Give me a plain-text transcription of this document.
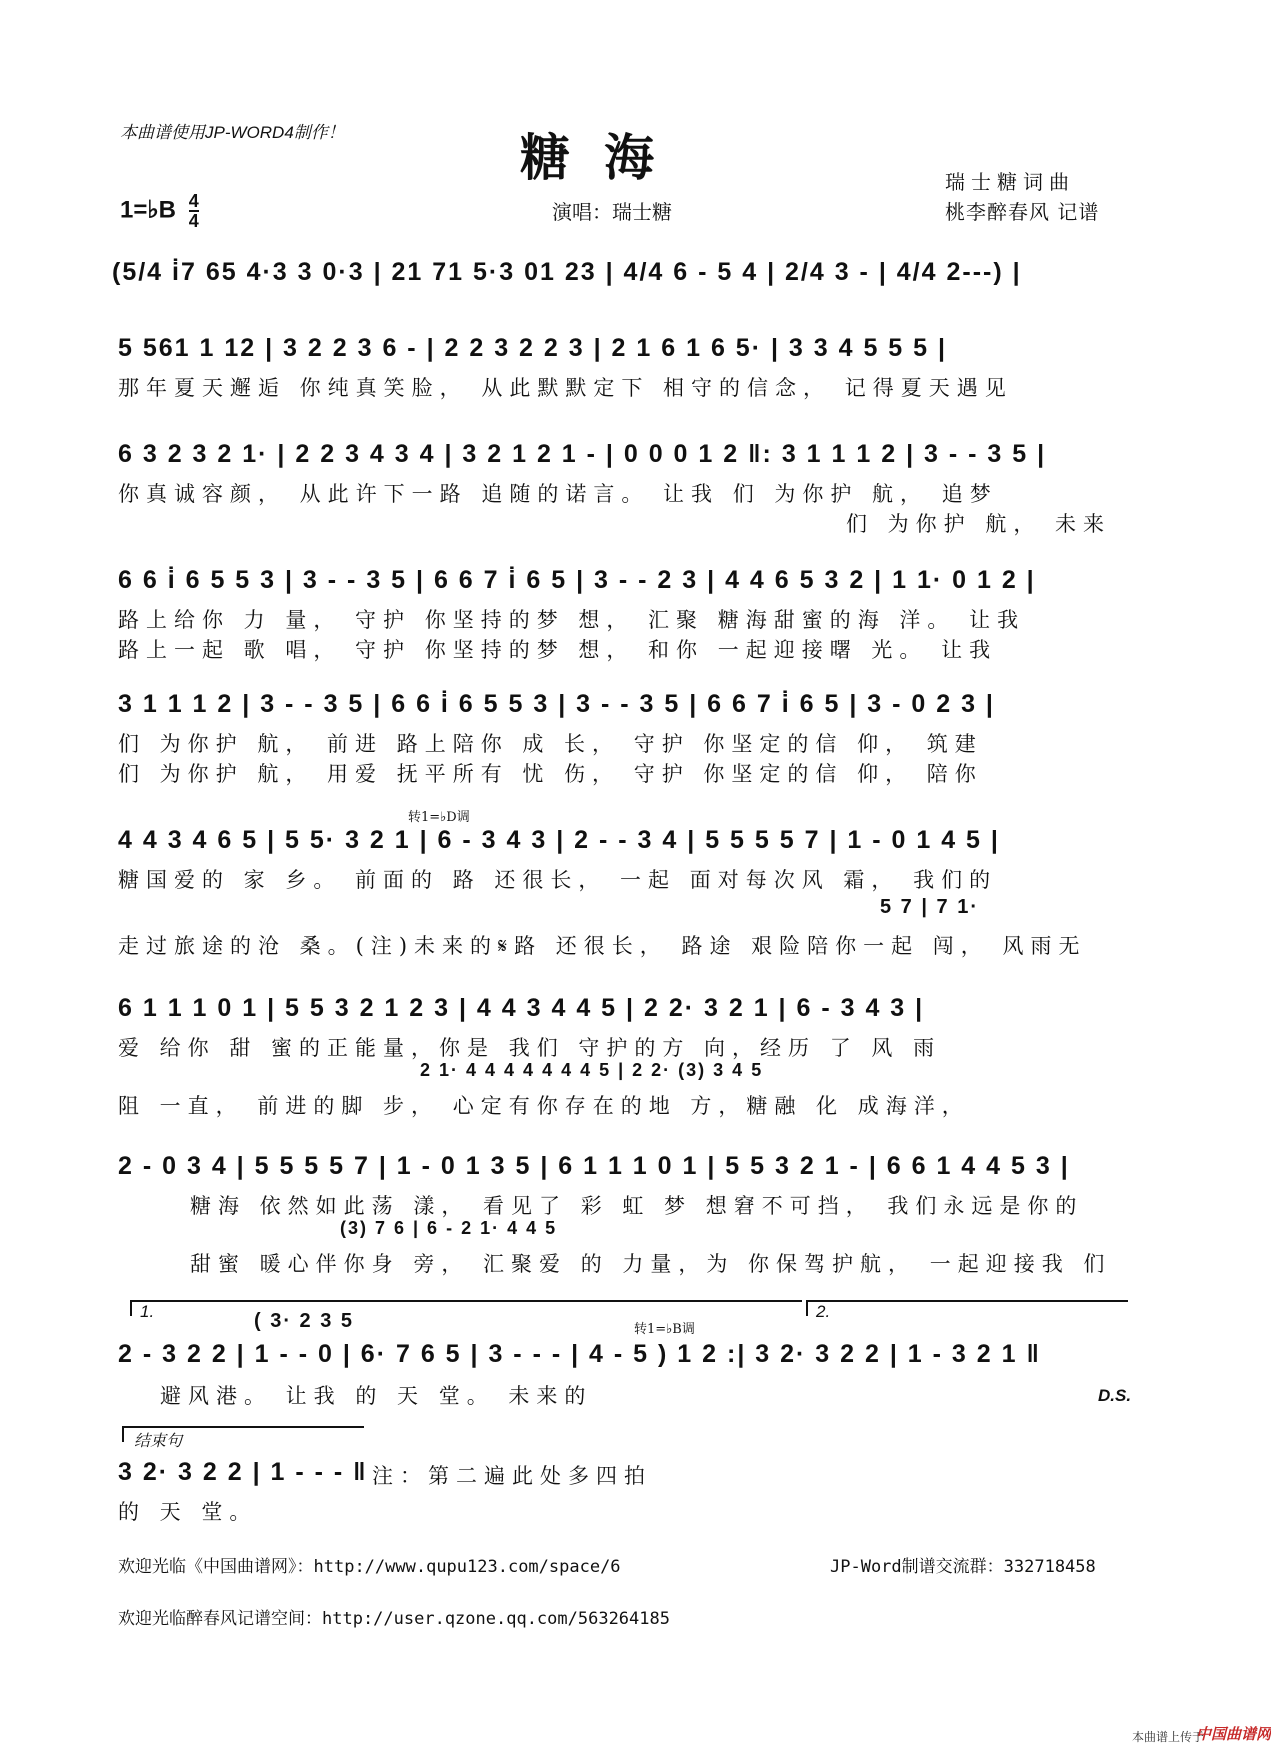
本曲谱使用JP-WORD4制作！	糖海	瑞士糖词曲
桃李醉春风 记谱
演唱：瑞士糖
1=♭B $\frac{4}{4}$
(5/4 i̇7 65 4·3 3 0·3 | 21 71 5·3 01 23 | 4/4 6 - 5 4 | 2/4 3 - | 4/4 2---) |
5 561 1 12 | 3 2 2 3 6 - | 2 2 3 2 2 3 | 2 1 6 1 6 5· | 3 3 4 5 5 5 |
那年夏天邂逅 你纯真笑脸， 从此默默定下 相守的信念， 记得夏天遇见
6 3 2 3 2 1· | 2 2 3 4 3 4 | 3 2 1 2 1 - | 0 0 0 1 2 ‖: 3 1 1 1 2 | 3 - - 3 5 |
你真诚容颜， 从此许下一路 追随的诺言。 让我 们 为你护 航， 追梦
们 为你护 航， 未来
6 6 i̇ 6 5 5 3 | 3 - - 3 5 | 6 6 7 i̇ 6 5 | 3 - - 2 3 | 4 4 6 5 3 2 | 1 1· 0 1 2 |
路上给你 力 量， 守护 你坚持的梦 想， 汇聚 糖海甜蜜的海 洋。 让我
路上一起 歌 唱， 守护 你坚持的梦 想， 和你 一起迎接曙 光。 让我
3 1 1 1 2 | 3 - - 3 5 | 6 6 i̇ 6 5 5 3 | 3 - - 3 5 | 6 6 7 i̇ 6 5 | 3 - 0 2 3 |
们 为你护 航， 前进 路上陪你 成 长， 守护 你坚定的信 仰， 筑建
们 为你护 航， 用爱 抚平所有 忧 伤， 守护 你坚定的信 仰， 陪你
转1=♭D调
4 4 3 4 6 5 | 5 5· 3 2 1 | 6 - 3 4 3 | 2 - - 3 4 | 5 5 5 5 7 | 1 - 0 1 4 5 |
糖国爱的 家 乡。 前面的 路 还很长， 一起 面对每次风 霜， 我们的
5 7 | 7 1·
走过旅途的沧 桑。(注)未来的𝄋路 还很长， 路途 艰险陪你一起 闯， 风雨无
6 1 1 1 0 1 | 5 5 3 2 1 2 3 | 4 4 3 4 4 5 | 2 2· 3 2 1 | 6 - 3 4 3 |
爱 给你 甜 蜜的正能量，你是 我们 守护的方 向，经历 了 风 雨
2 1· 4 4 4 4 4 4 4 5 | 2 2· (3) 3 4 5
阻 一直， 前进的脚 步， 心定有你存在的地 方，糖融 化 成海洋，
2 - 0 3 4 | 5 5 5 5 7 | 1 - 0 1 3 5 | 6 1 1 1 0 1 | 5 5 3 2 1 - | 6 6 1 4 4 5 3 |
糖海 依然如此荡 漾， 看见了 彩 虹 梦 想窘不可挡， 我们永远是你的
(3) 7 6 | 6 - 2 1· 4 4 5
甜蜜 暖心伴你身 旁， 汇聚爱 的 力量，为 你保驾护航， 一起迎接我 们
1.	2.
( 3· 2 3 5	转1=♭B调
2 - 3 2 2 | 1 - - 0 | 6· 7 6 5 | 3 - - - | 4 - 5 ) 1 2 :| 3 2· 3 2 2 | 1 - 3 2 1 ‖
避风港。 让我 的 天 堂。 未来的	D.S.
结束句
3 2· 3 2 2 | 1 - - - ‖ 注：第二遍此处多四拍
的 天 堂。
欢迎光临《中国曲谱网》：http://www.qupu123.com/space/6	JP-Word制谱交流群：332718458
欢迎光临醉春风记谱空间：http://user.qzone.qq.com/563264185
本曲谱上传于
中国曲谱网
